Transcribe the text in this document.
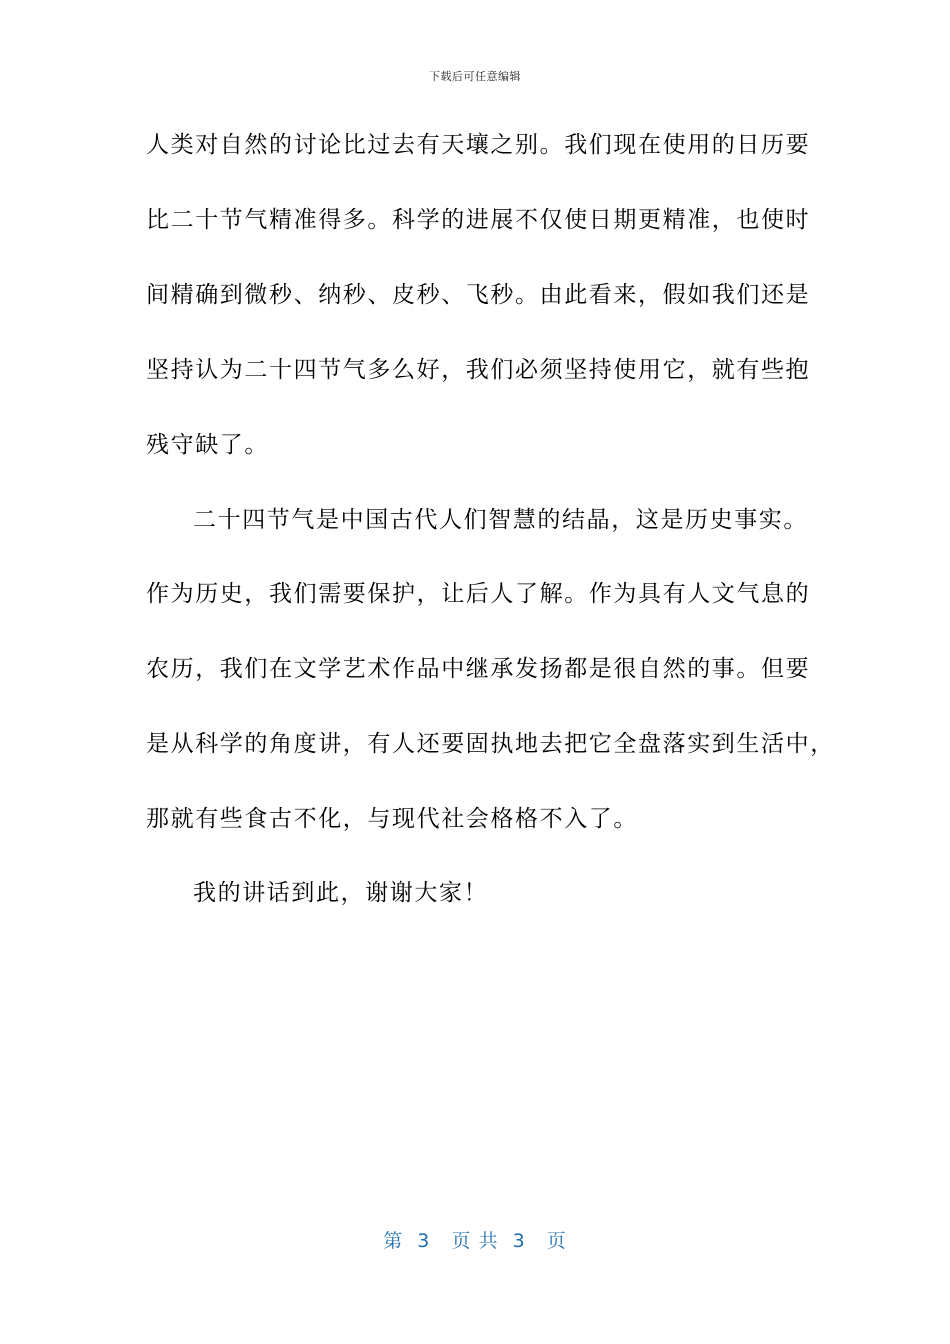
下载后可任意编辑
人类对自然的讨论比过去有天壤之别。我们现在使用的日历要
比二十节气精准得多。科学的进展不仅使日期更精准，也使时
间精确到微秒、纳秒、皮秒、飞秒。由此看来，假如我们还是
坚持认为二十四节气多么好，我们必须坚持使用它，就有些抱
残守缺了。
二十四节气是中国古代人们智慧的结晶，这是历史事实。
作为历史，我们需要保护，让后人了解。作为具有人文气息的
农历，我们在文学艺术作品中继承发扬都是很自然的事。但要
是从科学的角度讲，有人还要固执地去把它全盘落实到生活中，
那就有些食古不化，与现代社会格格不入了。
我的讲话到此，谢谢大家！
第  3   页 共  3   页
